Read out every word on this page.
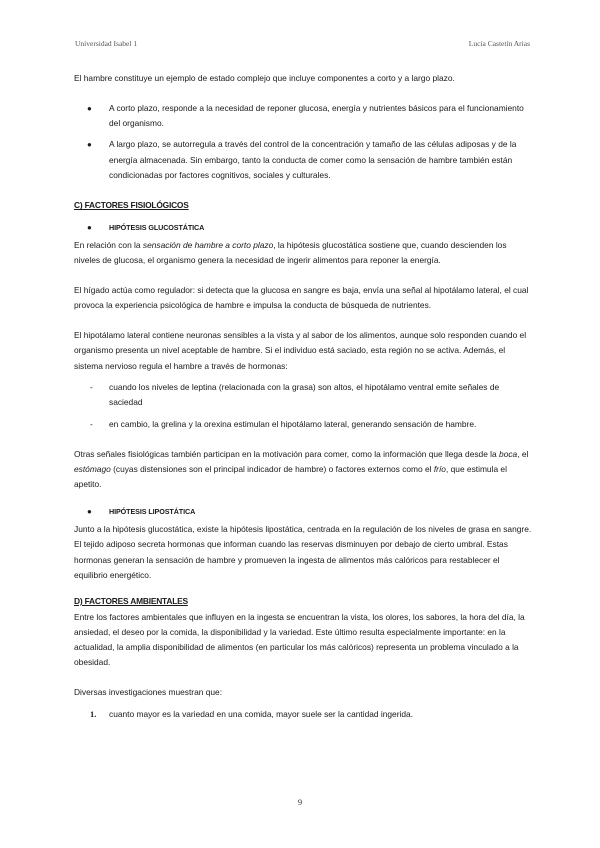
Universidad Isabel 1	Lucía Castetín Arias

El hambre constituye un ejemplo de estado complejo que incluye componentes a corto y a largo plazo.

● A corto plazo, responde a la necesidad de reponer glucosa, energía y nutrientes básicos para el funcionamiento del organismo.
● A largo plazo, se autorregula a través del control de la concentración y tamaño de las células adiposas y de la energía almacenada. Sin embargo, tanto la conducta de comer como la sensación de hambre también están condicionadas por factores cognitivos, sociales y culturales.

C) FACTORES FISIOLÓGICOS

● HIPÓTESIS GLUCOSTÁTICA

En relación con la sensación de hambre a corto plazo, la hipótesis glucostática sostiene que, cuando descienden los niveles de glucosa, el organismo genera la necesidad de ingerir alimentos para reponer la energía.

El hígado actúa como regulador: si detecta que la glucosa en sangre es baja, envía una señal al hipotálamo lateral, el cual provoca la experiencia psicológica de hambre e impulsa la conducta de búsqueda de nutrientes.

El hipotálamo lateral contiene neuronas sensibles a la vista y al sabor de los alimentos, aunque solo responden cuando el organismo presenta un nivel aceptable de hambre. Si el individuo está saciado, esta región no se activa. Además, el sistema nervioso regula el hambre a través de hormonas:

- cuando los niveles de leptina (relacionada con la grasa) son altos, el hipotálamo ventral emite señales de saciedad
- en cambio, la grelina y la orexina estimulan el hipotálamo lateral, generando sensación de hambre.

Otras señales fisiológicas también participan en la motivación para comer, como la información que llega desde la boca, el estómago (cuyas distensiones son el principal indicador de hambre) o factores externos como el frío, que estimula el apetito.

● HIPÓTESIS LIPOSTÁTICA

Junto a la hipótesis glucostática, existe la hipótesis lipostática, centrada en la regulación de los niveles de grasa en sangre. El tejido adiposo secreta hormonas que informan cuando las reservas disminuyen por debajo de cierto umbral. Estas hormonas generan la sensación de hambre y promueven la ingesta de alimentos más calóricos para restablecer el equilibrio energético.

D) FACTORES AMBIENTALES

Entre los factores ambientales que influyen en la ingesta se encuentran la vista, los olores, los sabores, la hora del día, la ansiedad, el deseo por la comida, la disponibilidad y la variedad. Este último resulta especialmente importante: en la actualidad, la amplia disponibilidad de alimentos (en particular los más calóricos) representa un problema vinculado a la obesidad.

Diversas investigaciones muestran que:

1. cuanto mayor es la variedad en una comida, mayor suele ser la cantidad ingerida.
9
